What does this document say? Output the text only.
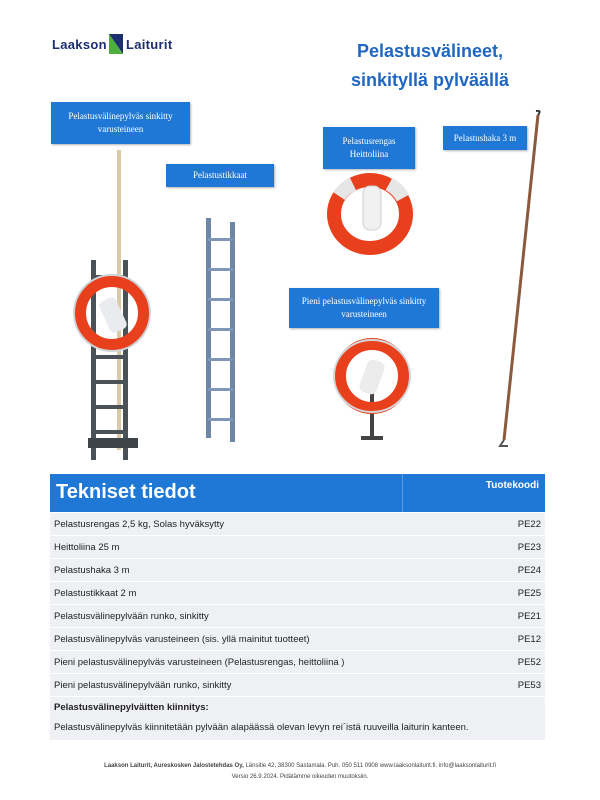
Laakson Laiturit	Pelastusvälineet,
sinkityllä pylväällä
Pelastusvälinepylväs sinkitty varusteineen
Pelastustikkaat
Pelastusrengas Heittoliina
Pelastushaka 3 m
Pieni pelastusvälinepylväs sinkitty varusteineen
Tekniset tiedot	Tuotekoodi
Pelastusrengas 2,5 kg, Solas hyväksytty	PE22
Heittoliina 25 m	PE23
Pelastushaka 3 m	PE24
Pelastustikkaat 2 m	PE25
Pelastusvälinepylvään runko, sinkitty	PE21
Pelastusvälinepylväs varusteineen (sis. yllä mainitut tuotteet)	PE12
Pieni pelastusvälinepylväs varusteineen (Pelastusrengas, heittoliina )	PE52
Pieni pelastusvälinepylvään runko, sinkitty	PE53
Pelastusvälinepylväitten kiinnitys:
Pelastusvälinepylväs kiinnitetään pylvään alapäässä olevan levyn rei´istä ruuveilla laiturin kanteen.
Laakson Laiturit, Aureskosken Jalostetehdas Oy, Länsitie 42, 38300 Sastamala. Puh. 050 511 0908 www.laaksonlaiturit.fi. info@laaksonlaiturit.fi
Versio 26.9.2024. Pidätämme oikeuden muutoksiin.
